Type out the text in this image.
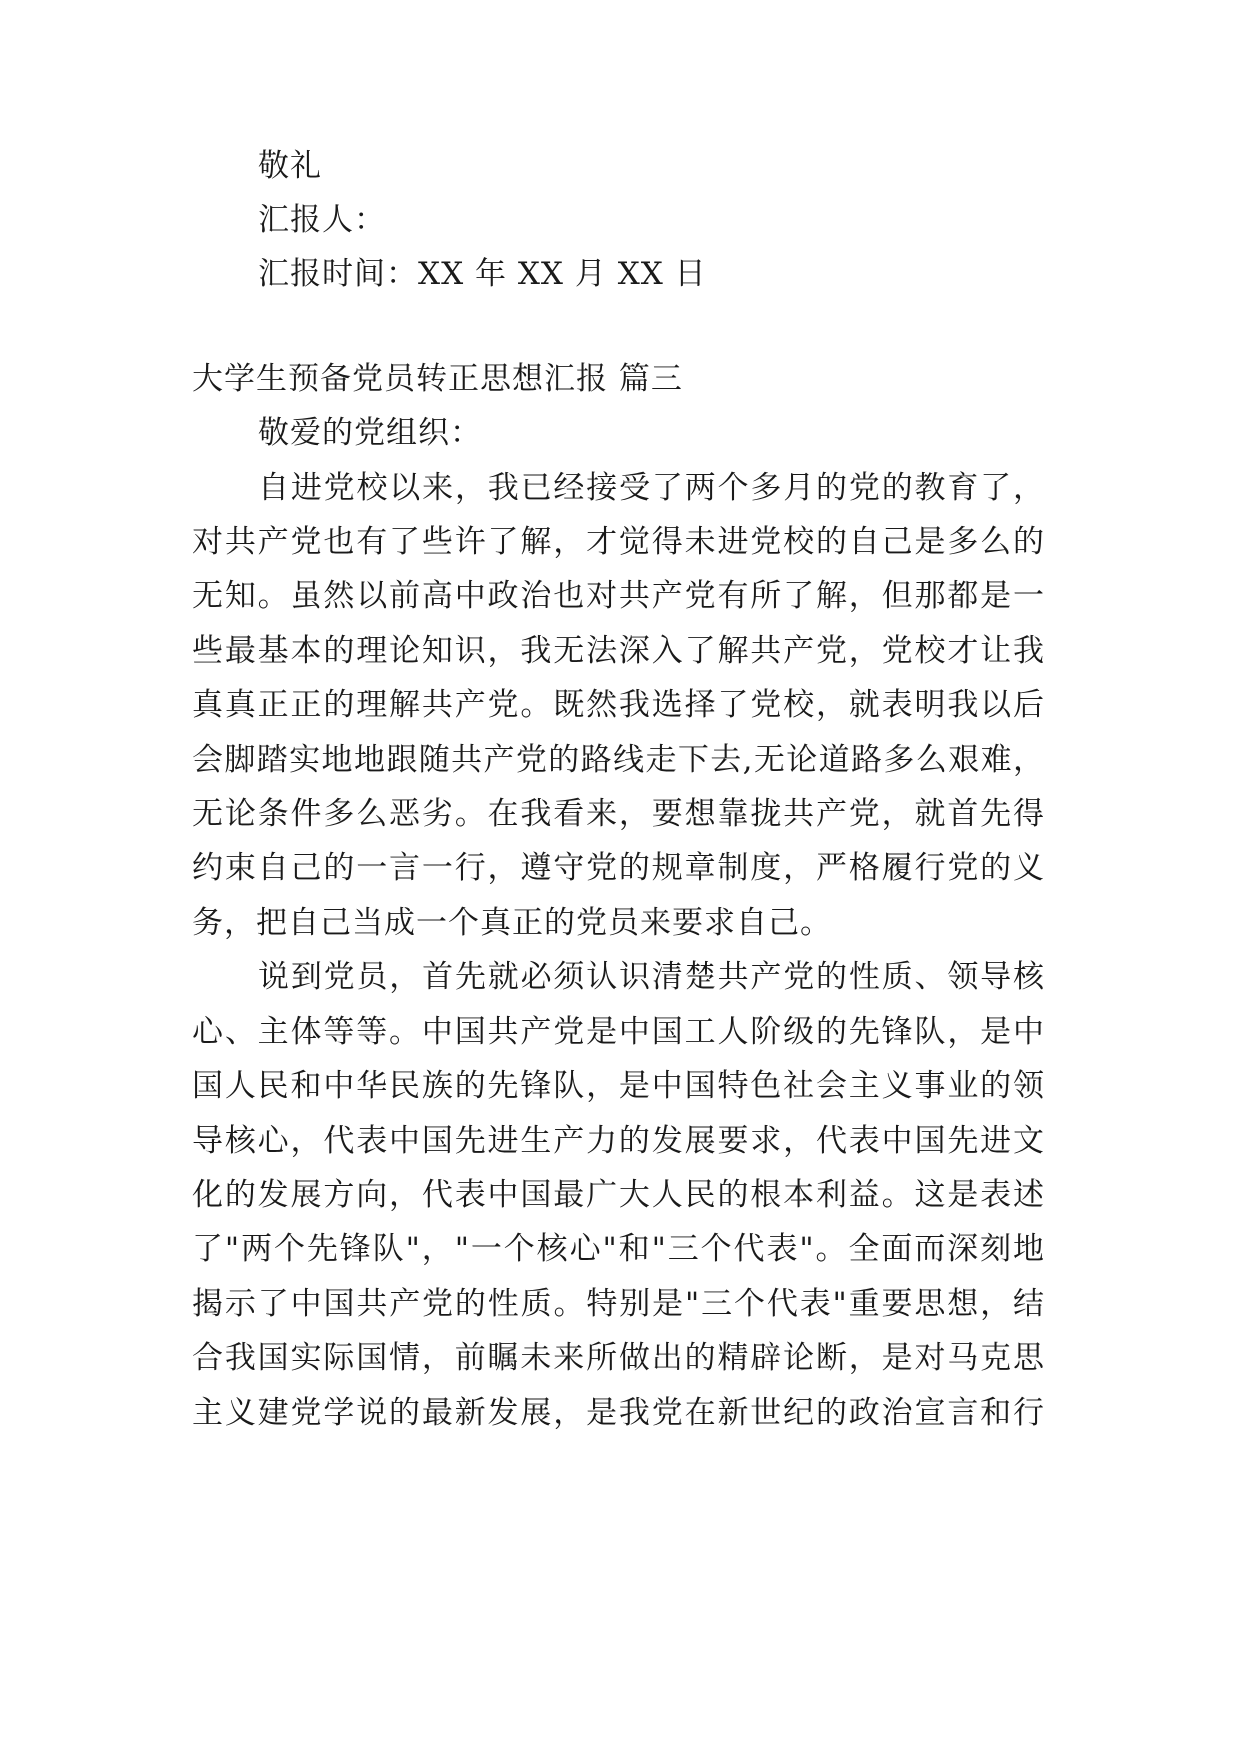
敬礼
汇报人：
汇报时间：XX 年 XX 月 XX 日
大学生预备党员转正思想汇报 篇三
敬爱的党组织：
自进党校以来，我已经接受了两个多月的党的教育了，
对共产党也有了些许了解，才觉得未进党校的自己是多么的
无知。虽然以前高中政治也对共产党有所了解，但那都是一
些最基本的理论知识，我无法深入了解共产党，党校才让我
真真正正的理解共产党。既然我选择了党校，就表明我以后
会脚踏实地地跟随共产党的路线走下去,无论道路多么艰难，
无论条件多么恶劣。在我看来，要想靠拢共产党，就首先得
约束自己的一言一行，遵守党的规章制度，严格履行党的义
务，把自己当成一个真正的党员来要求自己。
说到党员，首先就必须认识清楚共产党的性质、领导核
心、主体等等。中国共产党是中国工人阶级的先锋队，是中
国人民和中华民族的先锋队，是中国特色社会主义事业的领
导核心，代表中国先进生产力的发展要求，代表中国先进文
化的发展方向，代表中国最广大人民的根本利益。这是表述
了"两个先锋队"，"一个核心"和"三个代表"。全面而深刻地
揭示了中国共产党的性质。特别是"三个代表"重要思想，结
合我国实际国情，前瞩未来所做出的精辟论断，是对马克思
主义建党学说的最新发展，是我党在新世纪的政治宣言和行
